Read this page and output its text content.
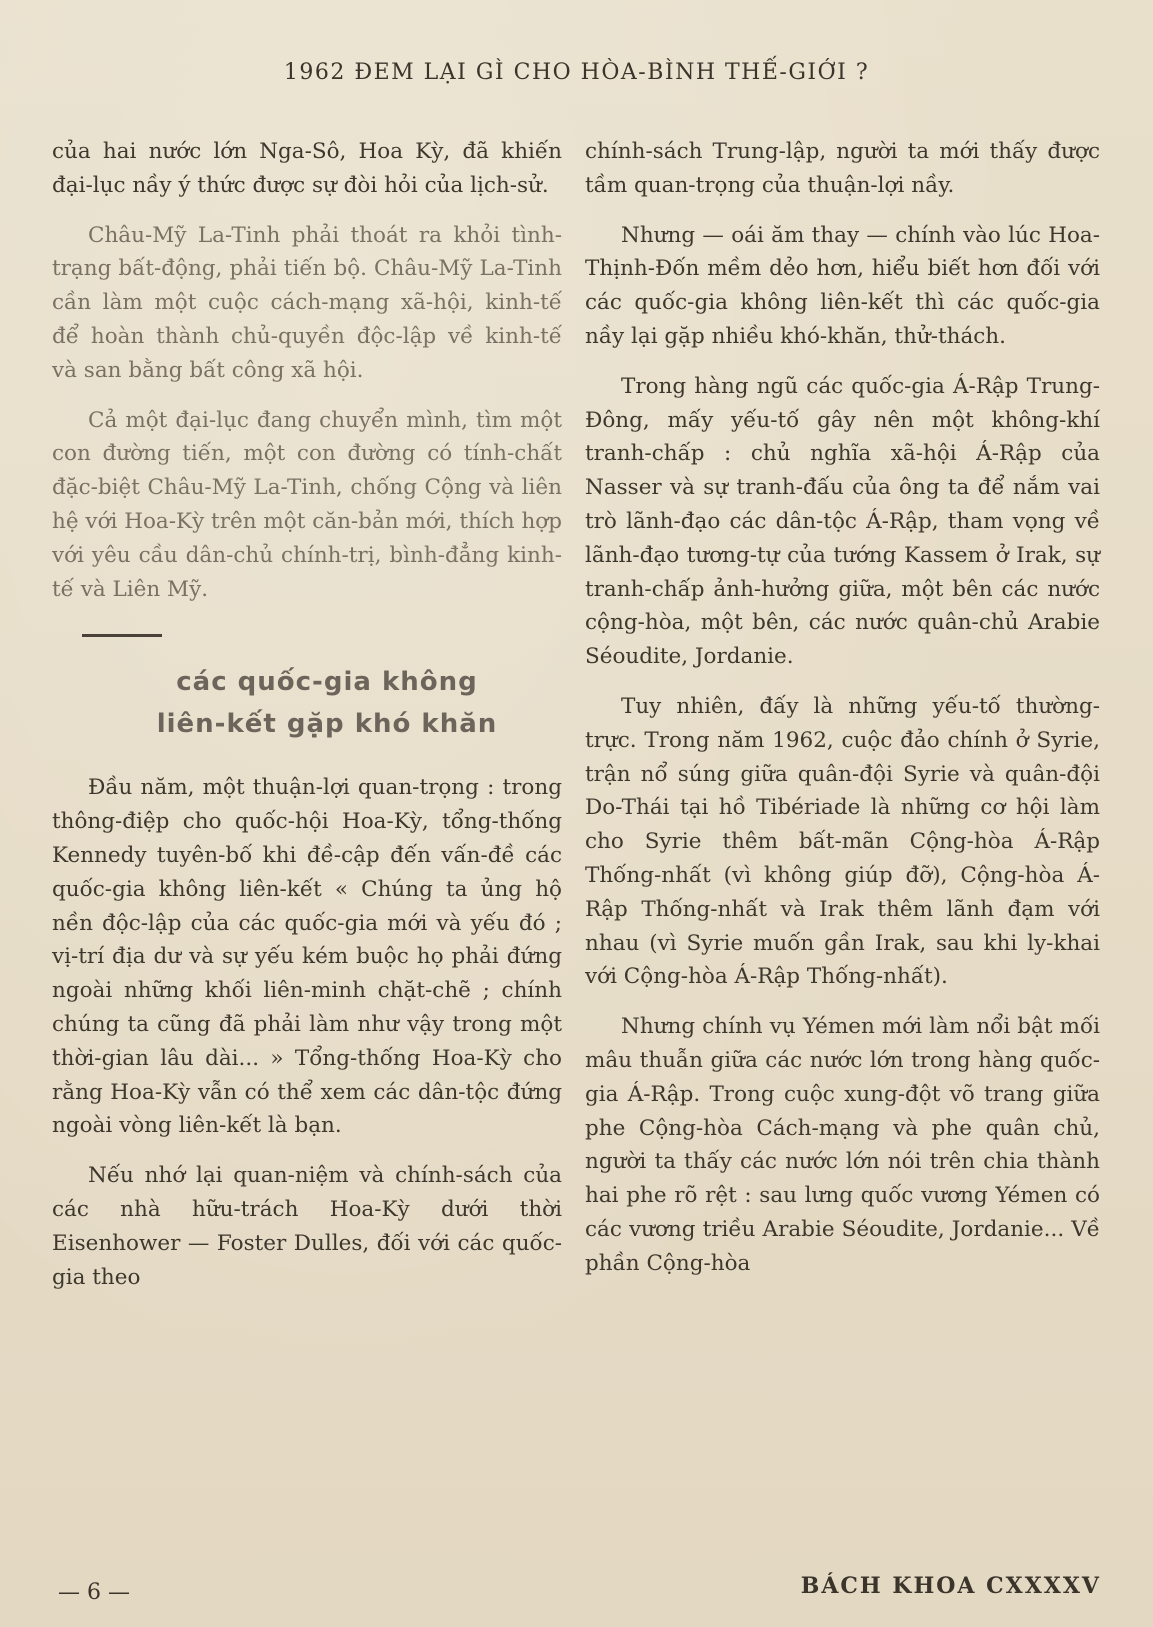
1962 ĐEM LẠI GÌ CHO HÒA-BÌNH THẾ-GIỚI ?

của hai nước lớn Nga-Sô, Hoa Kỳ, đã khiến đại-lục nầy ý thức được sự đòi hỏi của lịch-sử.

Châu-Mỹ La-Tinh phải thoát ra khỏi tình-trạng bất-động, phải tiến bộ. Châu-Mỹ La-Tinh cần làm một cuộc cách-mạng xã-hội, kinh-tế để hoàn thành chủ-quyền độc-lập về kinh-tế và san bằng bất công xã hội.

Cả một đại-lục đang chuyển mình, tìm một con đường tiến, một con đường có tính-chất đặc-biệt Châu-Mỹ La-Tinh, chống Cộng và liên hệ với Hoa-Kỳ trên một căn-bản mới, thích hợp với yêu cầu dân-chủ chính-trị, bình-đẳng kinh-tế và Liên Mỹ.

các quốc-gia không
liên-kết gặp khó khăn

Đầu năm, một thuận-lợi quan-trọng : trong thông-điệp cho quốc-hội Hoa-Kỳ, tổng-thống Kennedy tuyên-bố khi đề-cập đến vấn-đề các quốc-gia không liên-kết « Chúng ta ủng hộ nền độc-lập của các quốc-gia mới và yếu đó ; vị-trí địa dư và sự yếu kém buộc họ phải đứng ngoài những khối liên-minh chặt-chẽ ; chính chúng ta cũng đã phải làm như vậy trong một thời-gian lâu dài... » Tổng-thống Hoa-Kỳ cho rằng Hoa-Kỳ vẫn có thể xem các dân-tộc đứng ngoài vòng liên-kết là bạn.

Nếu nhớ lại quan-niệm và chính-sách của các nhà hữu-trách Hoa-Kỳ dưới thời Eisenhower — Foster Dulles, đối với các quốc-gia theo

chính-sách Trung-lập, người ta mới thấy được tầm quan-trọng của thuận-lợi nầy.

Nhưng — oái ăm thay — chính vào lúc Hoa-Thịnh-Đốn mềm dẻo hơn, hiểu biết hơn đối với các quốc-gia không liên-kết thì các quốc-gia nầy lại gặp nhiều khó-khăn, thử-thách.

Trong hàng ngũ các quốc-gia Á-Rập Trung-Đông, mấy yếu-tố gây nên một không-khí tranh-chấp : chủ nghĩa xã-hội Á-Rập của Nasser và sự tranh-đấu của ông ta để nắm vai trò lãnh-đạo các dân-tộc Á-Rập, tham vọng về lãnh-đạo tương-tự của tướng Kassem ở Irak, sự tranh-chấp ảnh-hưởng giữa, một bên các nước cộng-hòa, một bên, các nước quân-chủ Arabie Séoudite, Jordanie.

Tuy nhiên, đấy là những yếu-tố thường-trực. Trong năm 1962, cuộc đảo chính ở Syrie, trận nổ súng giữa quân-đội Syrie và quân-đội Do-Thái tại hồ Tibériade là những cơ hội làm cho Syrie thêm bất-mãn Cộng-hòa Á-Rập Thống-nhất (vì không giúp đỡ), Cộng-hòa Á-Rập Thống-nhất và Irak thêm lãnh đạm với nhau (vì Syrie muốn gần Irak, sau khi ly-khai với Cộng-hòa Á-Rập Thống-nhất).

Nhưng chính vụ Yémen mới làm nổi bật mối mâu thuẫn giữa các nước lớn trong hàng quốc-gia Á-Rập. Trong cuộc xung-đột võ trang giữa phe Cộng-hòa Cách-mạng và phe quân chủ, người ta thấy các nước lớn nói trên chia thành hai phe rõ rệt : sau lưng quốc vương Yémen có các vương triều Arabie Séoudite, Jordanie... Về phần Cộng-hòa

— 6 —	BÁCH KHOA CXXXXV
